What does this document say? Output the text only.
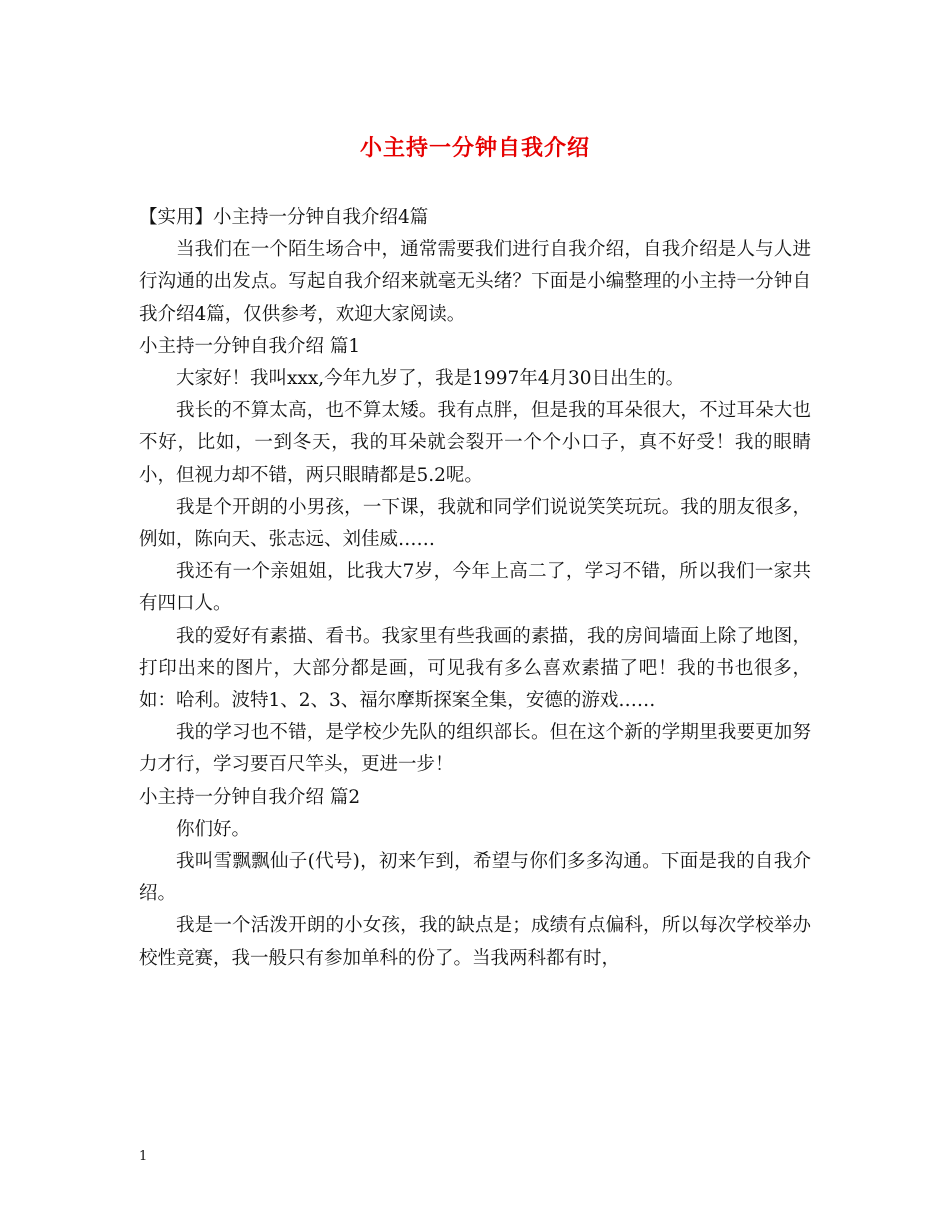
小主持一分钟自我介绍

【实用】小主持一分钟自我介绍4篇

当我们在一个陌生场合中，通常需要我们进行自我介绍，自我介绍是人与人进行沟通的出发点。写起自我介绍来就毫无头绪？下面是小编整理的小主持一分钟自我介绍4篇，仅供参考，欢迎大家阅读。

小主持一分钟自我介绍 篇1

大家好！我叫xxx,今年九岁了，我是1997年4月30日出生的。

我长的不算太高，也不算太矮。我有点胖，但是我的耳朵很大，不过耳朵大也不好，比如，一到冬天，我的耳朵就会裂开一个个小口子，真不好受！我的眼睛小，但视力却不错，两只眼睛都是5.2呢。

我是个开朗的小男孩，一下课，我就和同学们说说笑笑玩玩。我的朋友很多，例如，陈向天、张志远、刘佳威……

我还有一个亲姐姐，比我大7岁，今年上高二了，学习不错，所以我们一家共有四口人。

我的爱好有素描、看书。我家里有些我画的素描，我的房间墙面上除了地图，打印出来的图片，大部分都是画，可见我有多么喜欢素描了吧！我的书也很多，如：哈利。波特1、2、3、福尔摩斯探案全集，安德的游戏……

我的学习也不错，是学校少先队的组织部长。但在这个新的学期里我要更加努力才行，学习要百尺竿头，更进一步！

小主持一分钟自我介绍 篇2

你们好。

我叫雪飘飘仙子(代号)，初来乍到，希望与你们多多沟通。下面是我的自我介绍。

我是一个活泼开朗的小女孩，我的缺点是；成绩有点偏科，所以每次学校举办校性竞赛，我一般只有参加单科的份了。当我两科都有时，

1
